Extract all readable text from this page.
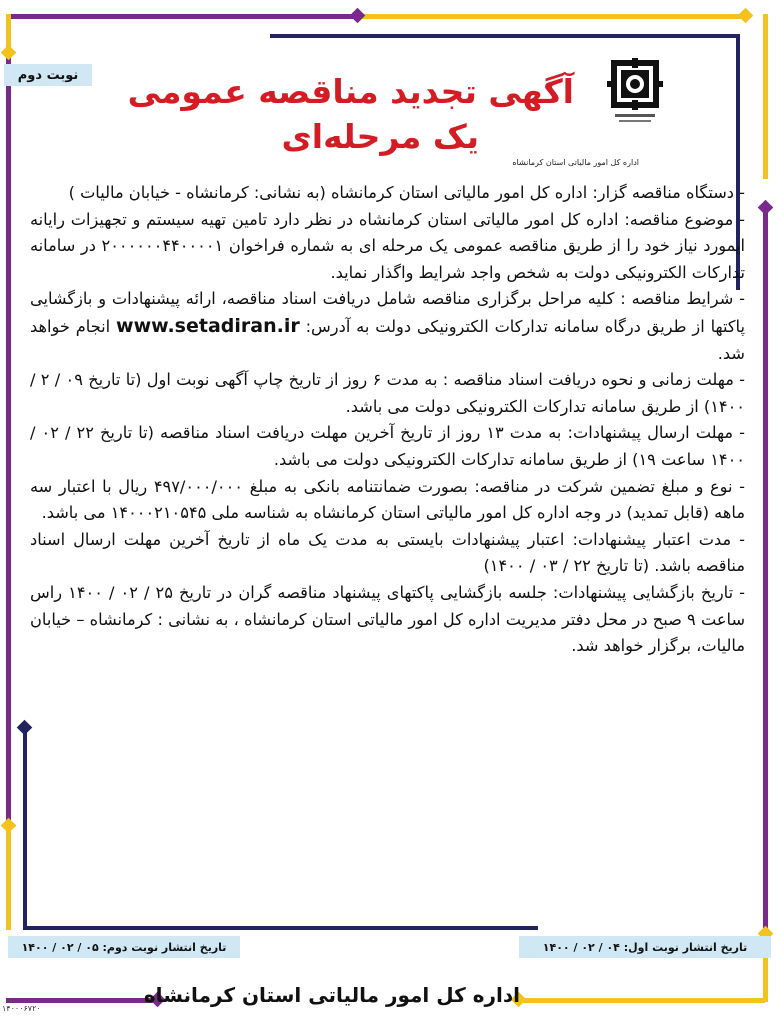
نوبت دوم	آگهی تجدید مناقصه عمومی
یک مرحله‌ای
اداره کل امور مالیاتی استان کرمانشاه

- دستگاه مناقصه گزار: اداره کل امور مالیاتی استان کرمانشاه (به نشانی: کرمانشاه - خیابان مالیات )

- موضوع مناقصه: اداره کل امور مالیاتی استان کرمانشاه در نظر دارد تامین تهیه سیستم و تجهیزات رایانه ایمورد نیاز خود را از طریق مناقصه عمومی یک مرحله ای به شماره فراخوان ۲۰۰۰۰۰۰۴۴۰۰۰۰۱ در سامانه تدارکات الکترونیکی دولت به شخص واجد شرایط واگذار نماید.

- شرایط مناقصه : کلیه مراحل برگزاری مناقصه شامل دریافت اسناد مناقصه، ارائه پیشنهادات و بازگشایی پاکتها از طریق درگاه سامانه تدارکات الکترونیکی دولت به آدرس: www.setadiran.ir انجام خواهد شد.

- مهلت زمانی و نحوه دریافت اسناد مناقصه : به مدت ۶ روز از تاریخ چاپ آگهی نوبت اول (تا تاریخ ۰۹ / ۲ / ۱۴۰۰) از طریق سامانه تدارکات الکترونیکی دولت می باشد.

- مهلت ارسال پیشنهادات: به مدت ۱۳ روز از تاریخ آخرین مهلت دریافت اسناد مناقصه (تا تاریخ ۲۲ / ۰۲ / ۱۴۰۰ ساعت ۱۹) از طریق سامانه تدارکات الکترونیکی دولت می باشد.

- نوع و مبلغ تضمین شرکت در مناقصه: بصورت ضمانتنامه بانکی به مبلغ ۴۹۷/۰۰۰/۰۰۰ ریال با اعتبار سه ماهه (قابل تمدید) در وجه اداره کل امور مالیاتی استان کرمانشاه به شناسه ملی ۱۴۰۰۰۲۱۰۵۴۵ می باشد.

- مدت اعتبار پیشنهادات: اعتبار پیشنهادات بایستی به مدت یک ماه از تاریخ آخرین مهلت ارسال اسناد مناقصه باشد. (تا تاریخ ۲۲ / ۰۳ / ۱۴۰۰)

- تاریخ بازگشایی پیشنهادات: جلسه بازگشایی پاکتهای پیشنهاد مناقصه گران در تاریخ ۲۵ / ۰۲ / ۱۴۰۰ راس ساعت ۹ صبح در محل دفتر مدیریت اداره کل امور مالیاتی استان کرمانشاه ، به نشانی : کرمانشاه – خیابان مالیات، برگزار خواهد شد.

تاریخ انتشار نوبت اول: ۰۴ / ۰۲ / ۱۴۰۰
تاریخ انتشار نوبت دوم: ۰۵ / ۰۲ / ۱۴۰۰
اداره کل امور مالیاتی استان کرمانشاه
۱۴۰۰۰۶۷۲۰
